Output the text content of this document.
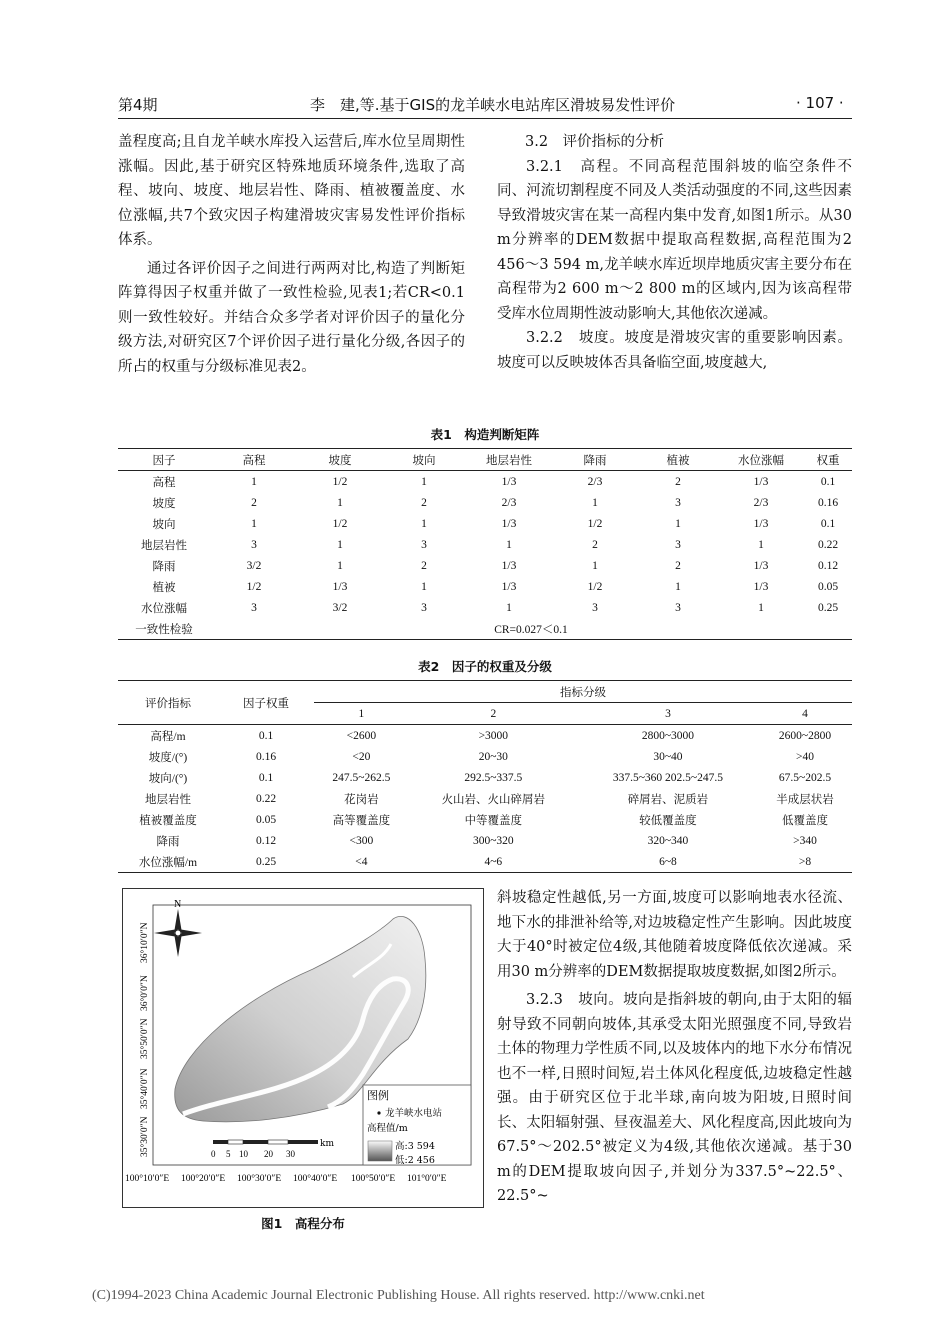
第4期	李　建,等.基于GIS的龙羊峡水电站库区滑坡易发性评价	· 107 ·

盖程度高;且自龙羊峡水库投入运营后,库水位呈周期性涨幅。因此,基于研究区特殊地质环境条件,选取了高程、坡向、坡度、地层岩性、降雨、植被覆盖度、水位涨幅,共7个致灾因子构建滑坡灾害易发性评价指标体系。

通过各评价因子之间进行两两对比,构造了判断矩阵算得因子权重并做了一致性检验,见表1;若CR<0.1则一致性较好。并结合众多学者对评价因子的量化分级方法,对研究区7个评价因子进行量化分级,各因子的所占的权重与分级标准见表2。

3.2　评价指标的分析

3.2.1　高程。不同高程范围斜坡的临空条件不同、河流切割程度不同及人类活动强度的不同,这些因素导致滑坡灾害在某一高程内集中发育,如图1所示。从30 m分辨率的DEM数据中提取高程数据,高程范围为2 456～3 594 m,龙羊峡水库近坝岸地质灾害主要分布在高程带为2 600 m～2 800 m的区域内,因为该高程带受库水位周期性波动影响大,其他依次递减。

3.2.2　坡度。坡度是滑坡灾害的重要影响因素。坡度可以反映坡体否具备临空面,坡度越大,

表1　构造判断矩阵
因子	高程	坡度	坡向	地层岩性	降雨	植被	水位涨幅	权重
高程	1	1/2	1	1/3	2/3	2	1/3	0.1
坡度	2	1	2	2/3	1	3	2/3	0.16
坡向	1	1/2	1	1/3	1/2	1	1/3	0.1
地层岩性	3	1	3	1	2	3	1	0.22
降雨	3/2	1	2	1/3	1	2	1/3	0.12
植被	1/2	1/3	1	1/3	1/2	1	1/3	0.05
水位涨幅	3	3/2	3	1	3	3	1	0.25
一致性检验	CR=0.027＜0.1							
表2　因子的权重及分级
评价指标	因子权重	指标分级			
		1	2	3	4
高程/m	0.1	<2600	>3000	2800~3000	2600~2800
坡度/(°)	0.16	<20	20~30	30~40	>40
坡向/(°)	0.1	247.5~262.5	292.5~337.5	337.5~360 202.5~247.5	67.5~202.5
地层岩性	0.22	花岗岩	火山岩、火山碎屑岩	碎屑岩、泥质岩	半成层状岩
植被覆盖度	0.05	高等覆盖度	中等覆盖度	较低覆盖度	低覆盖度
降雨	0.12	<300	300~320	320~340	>340
水位涨幅/m	0.25	<4	4~6	6~8	>8
N
36°10′0″N
36°0′0″N
35°50′0″N
35°40′0″N
35°30′0″N
100°10′0″E 100°20′0″E 100°30′0″E 100°40′0″E 100°50′0″E 101°0′0″E
图例
龙羊峡水电站
高程值/m
高:3 594
低:2 456
0 5 10 20 30
km
图1　高程分布

斜坡稳定性越低,另一方面,坡度可以影响地表水径流、地下水的排泄补给等,对边坡稳定性产生影响。因此坡度大于40°时被定位4级,其他随着坡度降低依次递减。采用30 m分辨率的DEM数据提取坡度数据,如图2所示。

3.2.3　坡向。坡向是指斜坡的朝向,由于太阳的辐射导致不同朝向坡体,其承受太阳光照强度不同,导致岩土体的物理力学性质不同,以及坡体内的地下水分布情况也不一样,日照时间短,岩土体风化程度低,边坡稳定性越强。由于研究区位于北半球,南向坡为阳坡,日照时间长、太阳辐射强、昼夜温差大、风化程度高,因此坡向为67.5°～202.5°被定义为4级,其他依次递减。基于30 m的DEM提取坡向因子,并划分为337.5°~22.5°、22.5°~

(C)1994-2023 China Academic Journal Electronic Publishing House. All rights reserved. http://www.cnki.net
